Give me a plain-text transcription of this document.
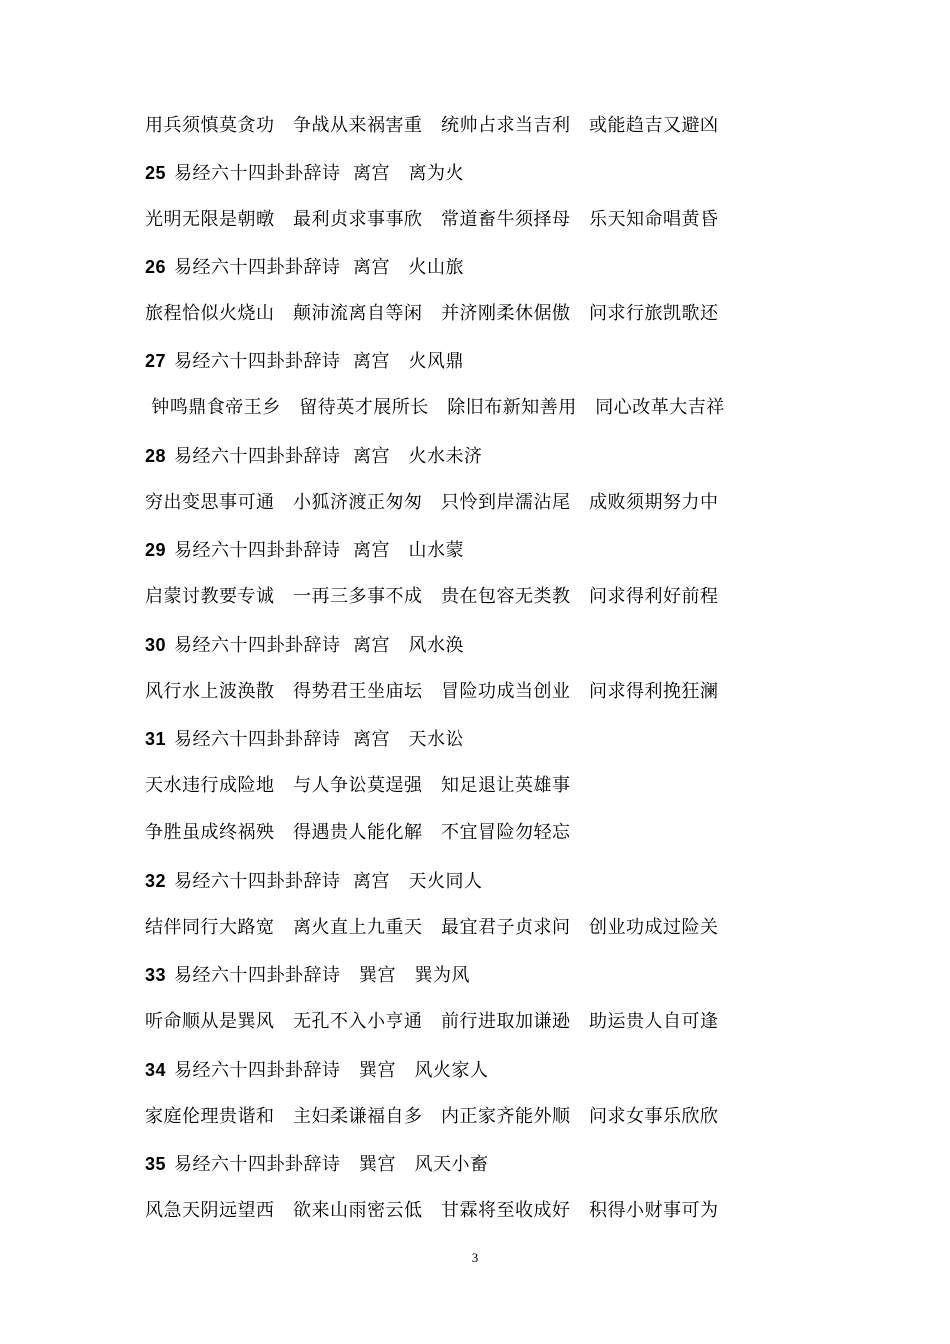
用兵须慎莫贪功　争战从来祸害重　统帅占求当吉利　或能趋吉又避凶
25 易经六十四卦卦辞诗  离宫　离为火
光明无限是朝暾　最利贞求事事欣　常道畜牛须择母　乐天知命唱黄昏
26 易经六十四卦卦辞诗  离宫　火山旅
旅程恰似火烧山　颠沛流离自等闲　并济刚柔休倨傲　问求行旅凯歌还
27 易经六十四卦卦辞诗  离宫　火风鼎
钟鸣鼎食帝王乡　留待英才展所长　除旧布新知善用　同心改革大吉祥
28 易经六十四卦卦辞诗  离宫　火水未济
穷出变思事可通　小狐济渡正匆匆　只怜到岸濡沾尾　成败须期努力中
29 易经六十四卦卦辞诗  离宫　山水蒙
启蒙讨教要专诚　一再三多事不成　贵在包容无类教　问求得利好前程
30 易经六十四卦卦辞诗  离宫　风水涣
风行水上波涣散　得势君王坐庙坛　冒险功成当创业　问求得利挽狂澜
31 易经六十四卦卦辞诗  离宫　天水讼
天水违行成险地　与人争讼莫逞强　知足退让英雄事
争胜虽成终祸殃　得遇贵人能化解　不宜冒险勿轻忘
32 易经六十四卦卦辞诗  离宫　天火同人
结伴同行大路宽　离火直上九重天　最宜君子贞求问　创业功成过险关
33 易经六十四卦卦辞诗　巽宫　巽为风
听命顺从是巽风　无孔不入小亨通　前行进取加谦逊　助运贵人自可逢
34 易经六十四卦卦辞诗　巽宫　风火家人
家庭伦理贵谐和　主妇柔谦福自多　内正家齐能外顺　问求女事乐欣欣
35 易经六十四卦卦辞诗　巽宫　风天小畜
风急天阴远望西　欲来山雨密云低　甘霖将至收成好　积得小财事可为
3
